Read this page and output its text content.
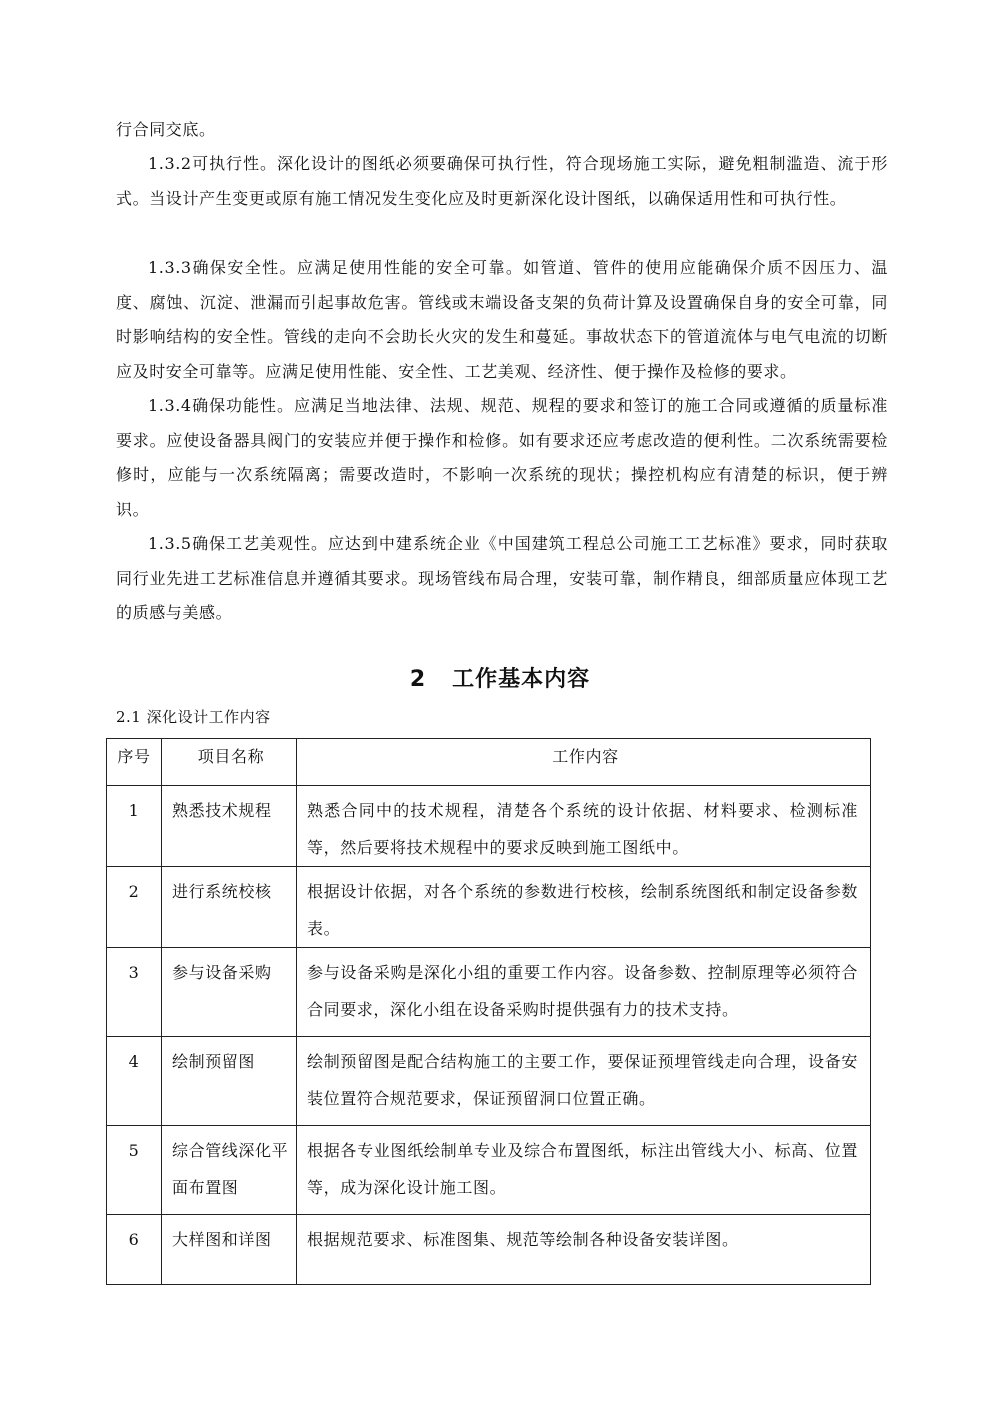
行合同交底。

1.3.2可执行性。深化设计的图纸必须要确保可执行性，符合现场施工实际，避免粗制滥造、流于形式。当设计产生变更或原有施工情况发生变化应及时更新深化设计图纸，以确保适用性和可执行性。

1.3.3确保安全性。应满足使用性能的安全可靠。如管道、管件的使用应能确保介质不因压力、温度、腐蚀、沉淀、泄漏而引起事故危害。管线或末端设备支架的负荷计算及设置确保自身的安全可靠，同时影响结构的安全性。管线的走向不会助长火灾的发生和蔓延。事故状态下的管道流体与电气电流的切断应及时安全可靠等。应满足使用性能、安全性、工艺美观、经济性、便于操作及检修的要求。

1.3.4确保功能性。应满足当地法律、法规、规范、规程的要求和签订的施工合同或遵循的质量标准要求。应使设备器具阀门的安装应并便于操作和检修。如有要求还应考虑改造的便利性。二次系统需要检修时，应能与一次系统隔离；需要改造时，不影响一次系统的现状；操控机构应有清楚的标识，便于辨识。

1.3.5确保工艺美观性。应达到中建系统企业《中国建筑工程总公司施工工艺标准》要求，同时获取同行业先进工艺标准信息并遵循其要求。现场管线布局合理，安装可靠，制作精良，细部质量应体现工艺的质感与美感。

2 工作基本内容
2.1 深化设计工作内容
序号	项目名称	工作内容
1	熟悉技术规程	熟悉合同中的技术规程，清楚各个系统的设计依据、材料要求、检测标准等，然后要将技术规程中的要求反映到施工图纸中。
2	进行系统校核	根据设计依据，对各个系统的参数进行校核，绘制系统图纸和制定设备参数表。
3	参与设备采购	参与设备采购是深化小组的重要工作内容。设备参数、控制原理等必须符合合同要求，深化小组在设备采购时提供强有力的技术支持。
4	绘制预留图	绘制预留图是配合结构施工的主要工作，要保证预埋管线走向合理，设备安装位置符合规范要求，保证预留洞口位置正确。
5	综合管线深化平面布置图	根据各专业图纸绘制单专业及综合布置图纸，标注出管线大小、标高、位置等，成为深化设计施工图。
6	大样图和详图	根据规范要求、标准图集、规范等绘制各种设备安装详图。
